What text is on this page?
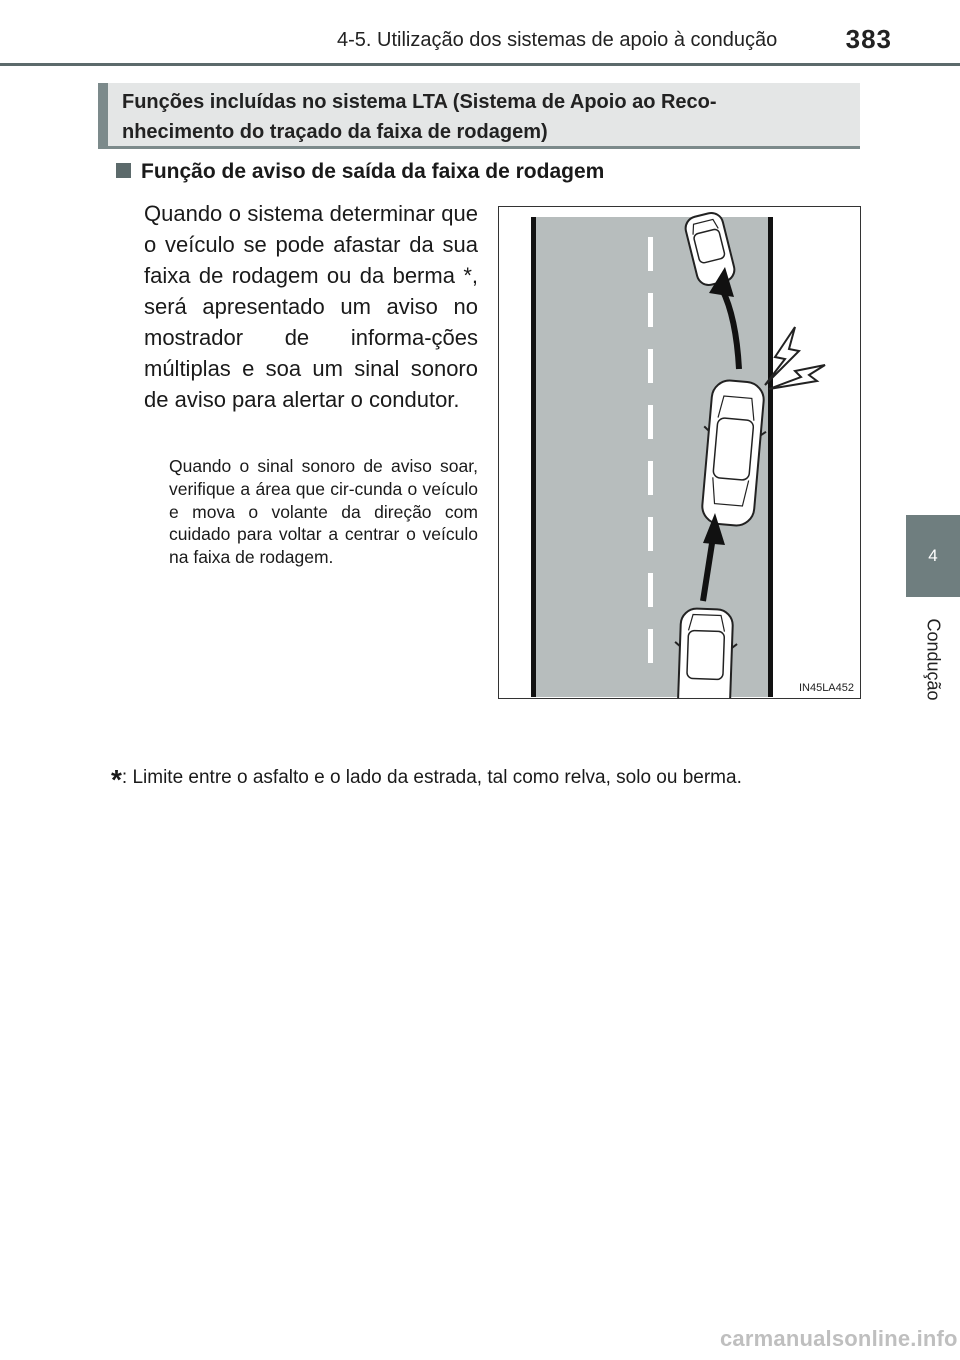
4-5. Utilização dos sistemas de apoio à condução	383
4
Condução

Funções incluídas no sistema LTA (Sistema de Apoio ao Reco-
nhecimento do traçado da faixa de rodagem)

Função de aviso de saída da faixa de rodagem

Quando o sistema determinar que o veículo se pode afastar da sua faixa de rodagem ou da berma *, será apresentado um aviso no mostrador de informa-ções múltiplas e soa um sinal sonoro de aviso para alertar o condutor.

Quando o sinal sonoro de aviso soar, verifique a área que cir-cunda o veículo e mova o volante da direção com cuidado para voltar a centrar o veículo na faixa de rodagem.

IN45LA452
*: Limite entre o asfalto e o lado da estrada, tal como relva, solo ou berma.
carmanualsonline.info
